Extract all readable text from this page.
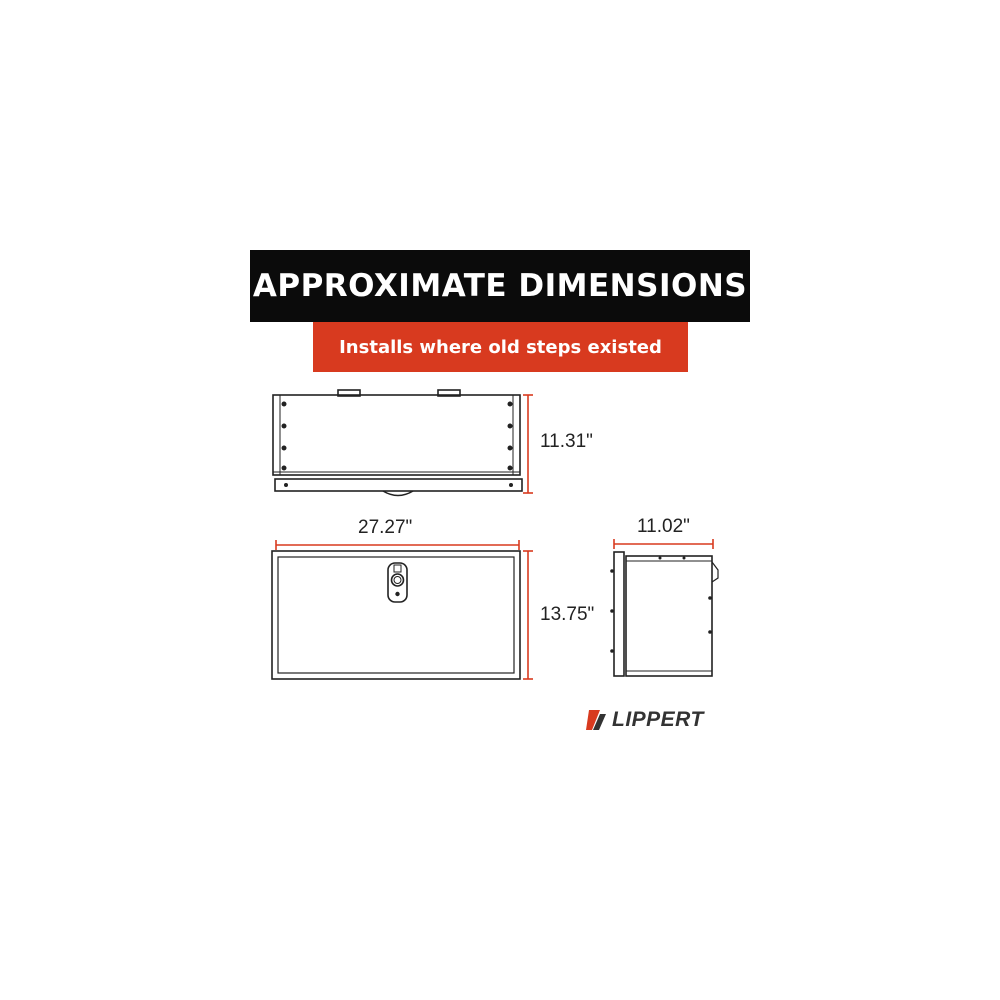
APPROXIMATE DIMENSIONS
Installs where old steps existed
11.31"
27.27"
13.75"
11.02"
LIPPERT
